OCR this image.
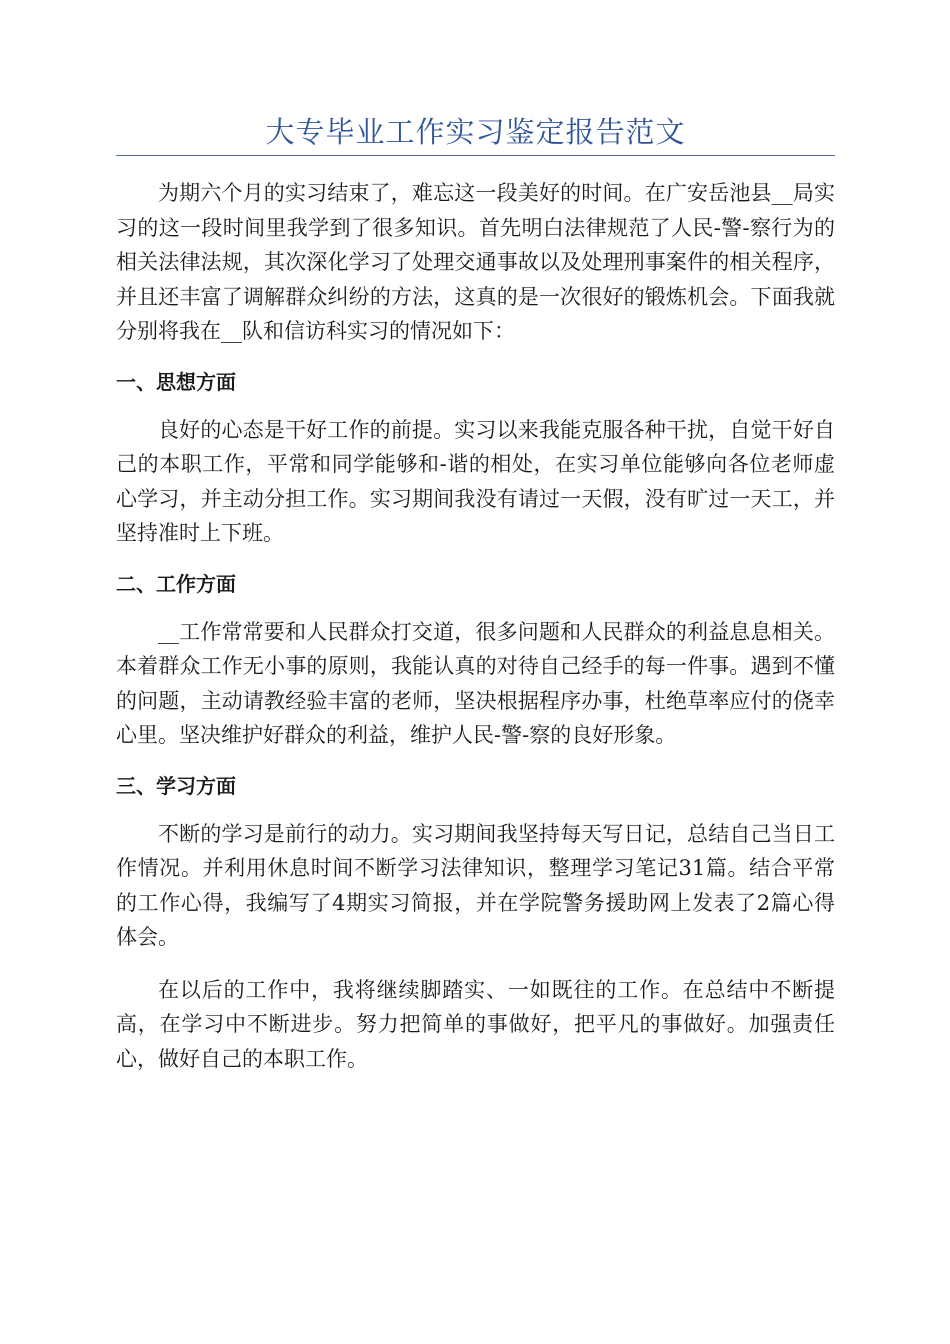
大专毕业工作实习鉴定报告范文

为期六个月的实习结束了，难忘这一段美好的时间。在广安岳池县__局实习的这一段时间里我学到了很多知识。首先明白法律规范了人民-警-察行为的相关法律法规，其次深化学习了处理交通事故以及处理刑事案件的相关程序，并且还丰富了调解群众纠纷的方法，这真的是一次很好的锻炼机会。下面我就分别将我在__队和信访科实习的情况如下：

一、思想方面

良好的心态是干好工作的前提。实习以来我能克服各种干扰，自觉干好自己的本职工作，平常和同学能够和-谐的相处，在实习单位能够向各位老师虚心学习，并主动分担工作。实习期间我没有请过一天假，没有旷过一天工，并坚持准时上下班。

二、工作方面

__工作常常要和人民群众打交道，很多问题和人民群众的利益息息相关。本着群众工作无小事的原则，我能认真的对待自己经手的每一件事。遇到不懂的问题，主动请教经验丰富的老师，坚决根据程序办事，杜绝草率应付的侥幸心里。坚决维护好群众的利益，维护人民-警-察的良好形象。

三、学习方面

不断的学习是前行的动力。实习期间我坚持每天写日记，总结自己当日工作情况。并利用休息时间不断学习法律知识，整理学习笔记31篇。结合平常的工作心得，我编写了4期实习简报，并在学院警务援助网上发表了2篇心得体会。

在以后的工作中，我将继续脚踏实、一如既往的工作。在总结中不断提高，在学习中不断进步。努力把简单的事做好，把平凡的事做好。加强责任心，做好自己的本职工作。
